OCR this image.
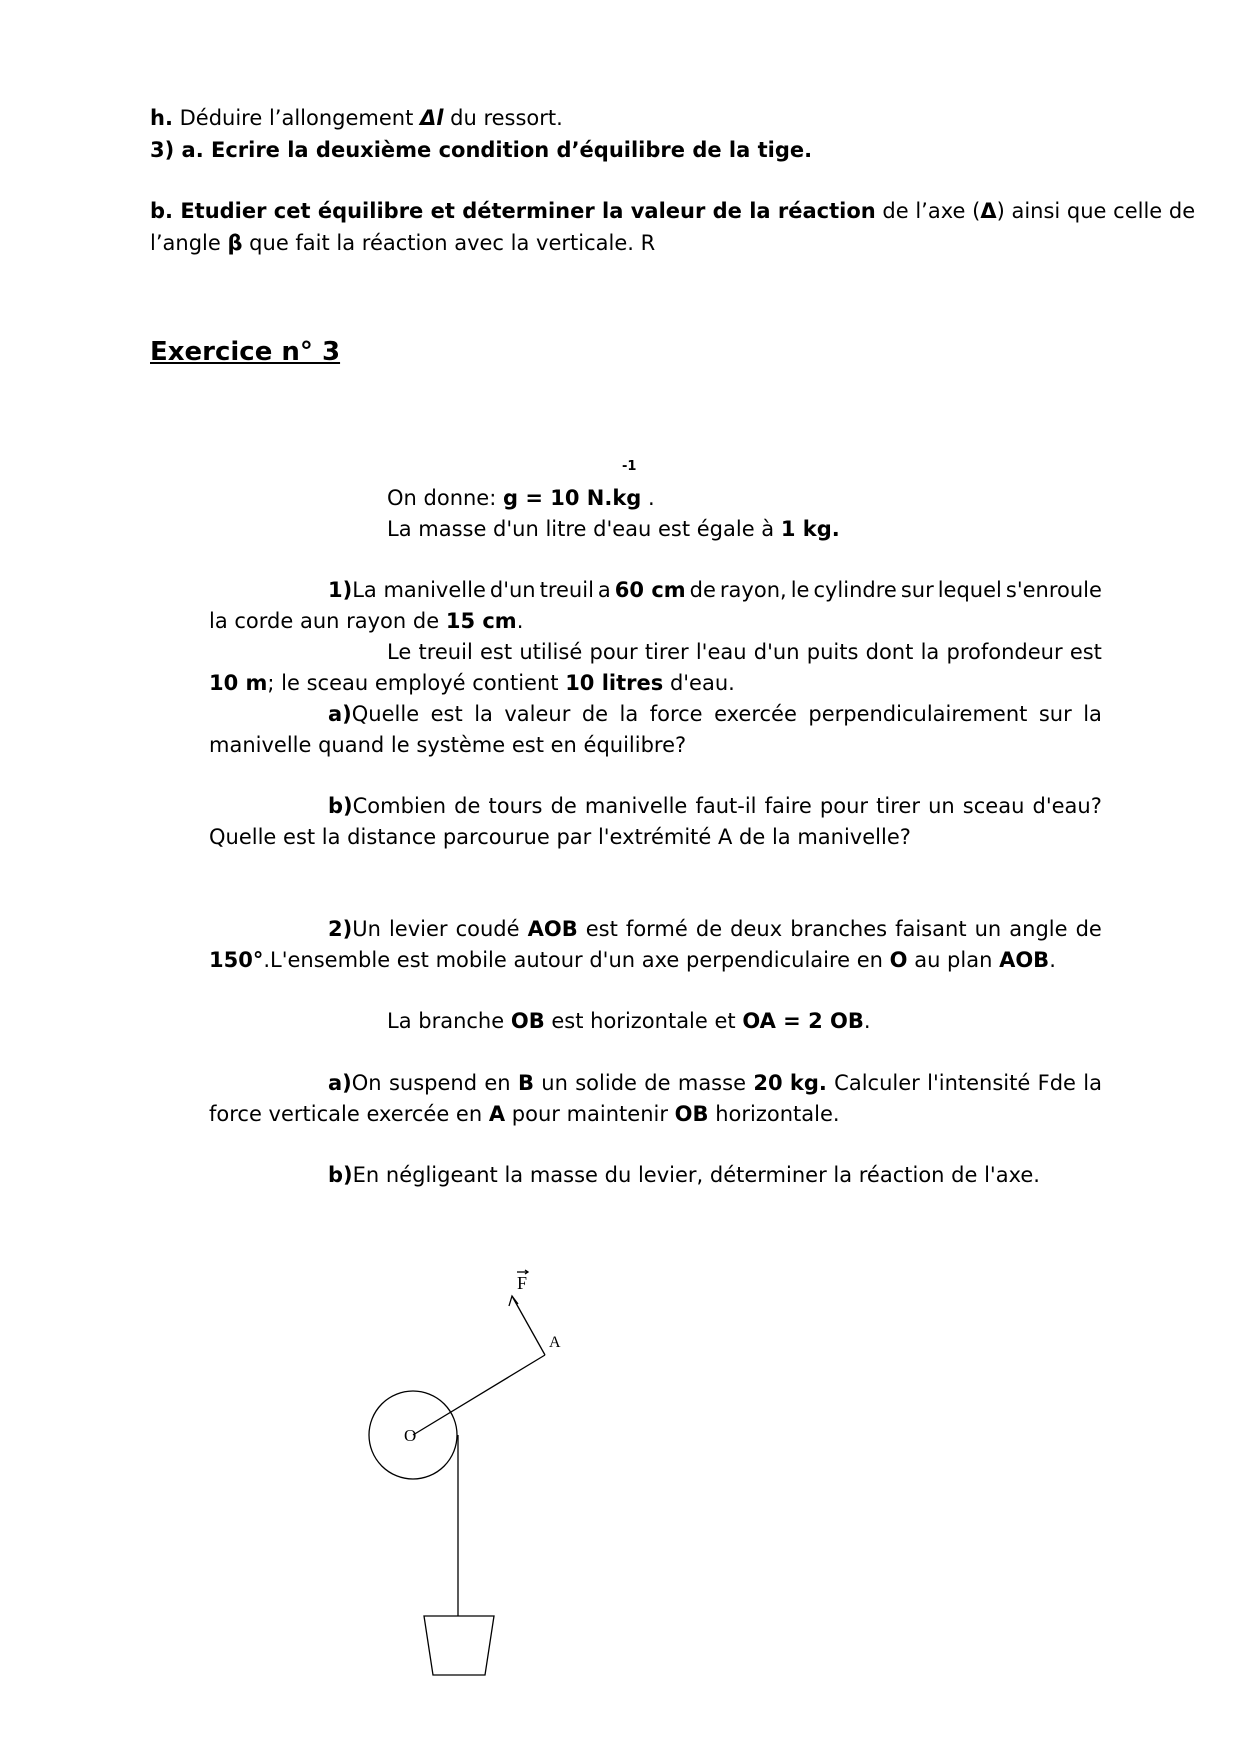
h. Déduire l’allongement Δl du ressort.
3) a. Ecrire la deuxième condition d’équilibre de la tige.
b. Etudier cet équilibre et déterminer la valeur de la réaction de l’axe (Δ) ainsi que celle de
l’angle β que fait la réaction avec la verticale. R
Exercice n° 3
-1
On donne: g = 10 N.kg .
La masse d'un litre d'eau est égale à 1 kg.
1)La manivelle d'un treuil a 60 cm de rayon, le cylindre sur lequel s'enroule
la corde aun rayon de 15 cm.
Le treuil est utilisé pour tirer l'eau d'un puits dont la profondeur est
10 m; le sceau employé contient 10 litres d'eau.
a)Quelle est la valeur de la force exercée perpendiculairement sur la
manivelle quand le système est en équilibre?
b)Combien de tours de manivelle faut-il faire pour tirer un sceau d'eau?
Quelle est la distance parcourue par l'extrémité A de la manivelle?
2)Un levier coudé AOB est formé de deux branches faisant un angle de
150°.L'ensemble est mobile autour d'un axe perpendiculaire en O au plan AOB.
La branche OB est horizontale et OA = 2 OB.
a)On suspend en B un solide de masse 20 kg. Calculer l'intensité Fde la
force verticale exercée en A pour maintenir OB horizontale.
b)En négligeant la masse du levier, déterminer la réaction de l'axe.
F
A
O
